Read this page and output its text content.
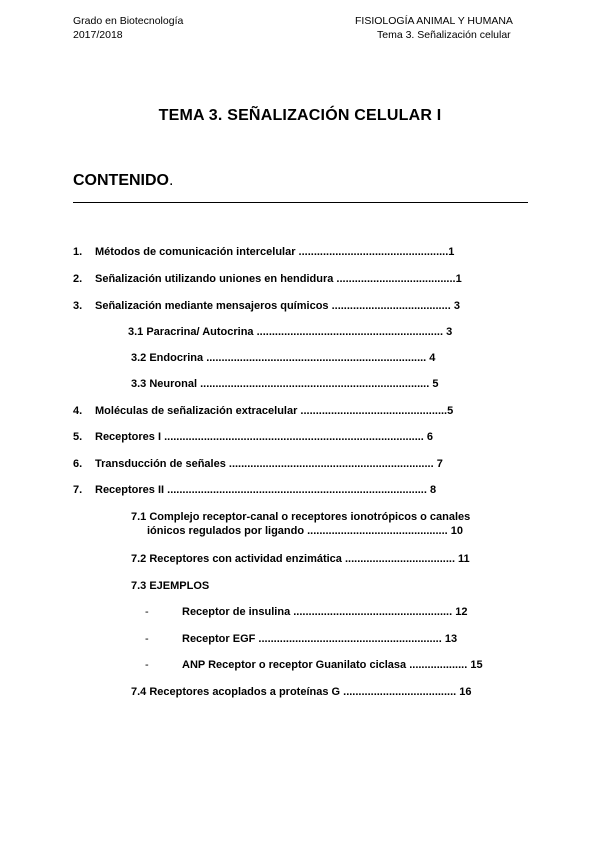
Grado en Biotecnología
2017/2018
FISIOLOGÍA ANIMAL Y HUMANA
Tema 3. Señalización celular
TEMA 3. SEÑALIZACIÓN CELULAR I
CONTENIDO.
1. Métodos de comunicación intercelular .................................................1
2. Señalización utilizando uniones en hendidura .......................................1
3. Señalización mediante mensajeros químicos ....................................... 3
3.1 Paracrina/ Autocrina ............................................................. 3
3.2 Endocrina ........................................................................ 4
3.3 Neuronal ........................................................................... 5
4. Moléculas de señalización extracelular ................................................5
5. Receptores I ..................................................................................... 6
6. Transducción de señales ................................................................... 7
7. Receptores II ..................................................................................... 8
7.1 Complejo receptor-canal o receptores ionotrópicos o canales
iónicos regulados por ligando .............................................. 10
7.2 Receptores con actividad enzimática .................................... 11
7.3 EJEMPLOS
-	Receptor de insulina .................................................... 12
-	Receptor EGF ............................................................ 13
-	ANP Receptor o receptor Guanilato ciclasa ................... 15
7.4 Receptores acoplados a proteínas G ..................................... 16
